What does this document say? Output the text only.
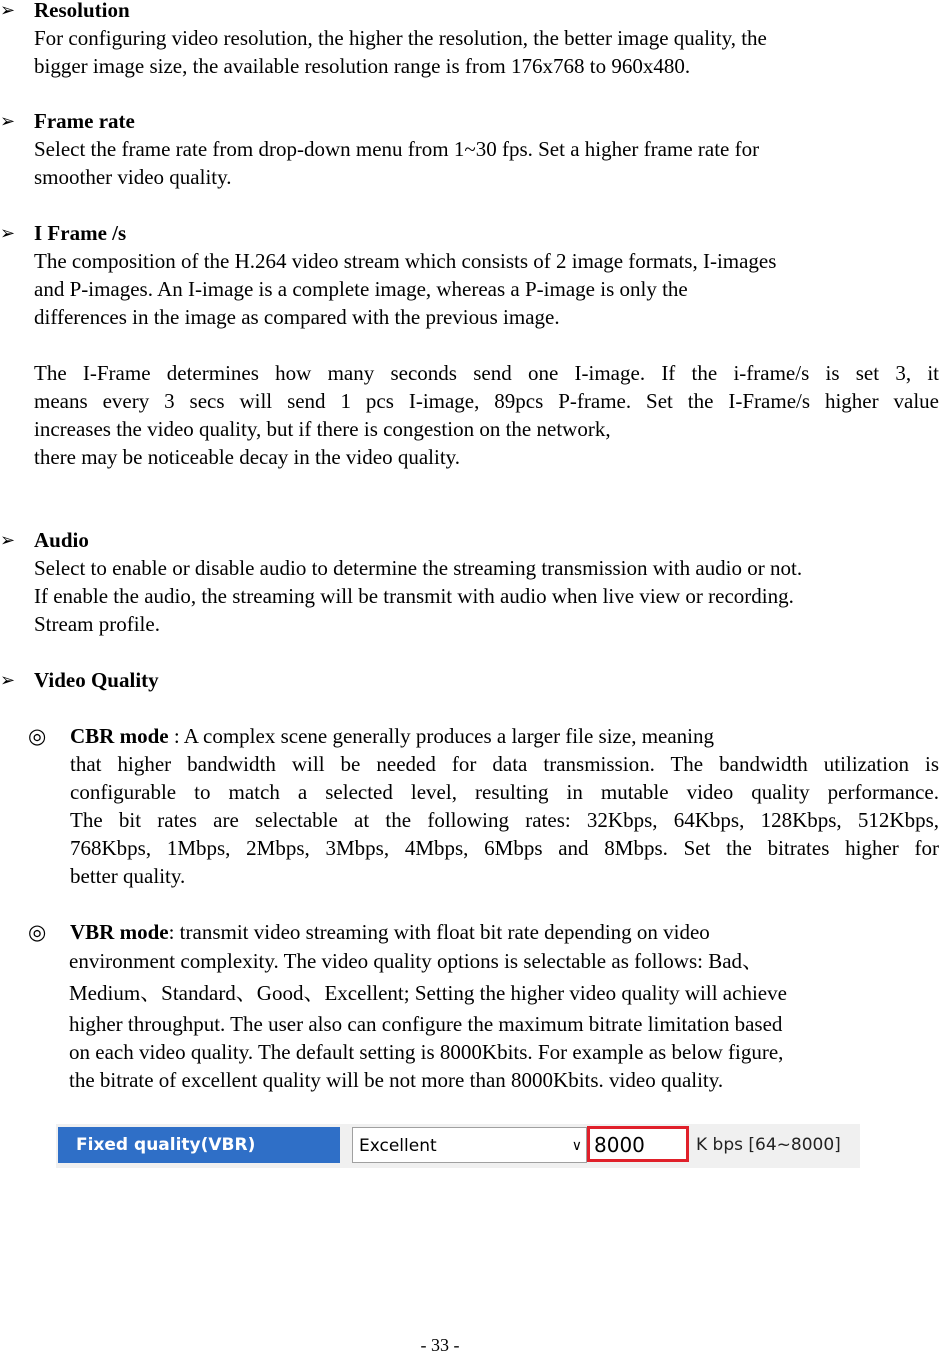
➢ Resolution
For configuring video resolution, the higher the resolution, the better image quality, the
bigger image size, the available resolution range is from 176x768 to 960x480.
➢ Frame rate
Select the frame rate from drop-down menu from 1~30 fps. Set a higher frame rate for
smoother video quality.
➢ I Frame /s
The composition of the H.264 video stream which consists of 2 image formats, I-images
and P-images. An I-image is a complete image, whereas a P-image is only the
differences in the image as compared with the previous image.
The I-Frame determines how many seconds send one I-image. If the i-frame/s is set 3, it
means every 3 secs will send 1 pcs I-image, 89pcs P-frame. Set the I-Frame/s higher value
increases the video quality, but if there is congestion on the network,
there may be noticeable decay in the video quality.
➢ Audio
Select to enable or disable audio to determine the streaming transmission with audio or not.
If enable the audio, the streaming will be transmit with audio when live view or recording.
Stream profile.
➢ Video Quality
◎ CBR mode : A complex scene generally produces a larger file size, meaning
that higher bandwidth will be needed for data transmission. The bandwidth utilization is
configurable to match a selected level, resulting in mutable video quality performance.
The bit rates are selectable at the following rates: 32Kbps, 64Kbps, 128Kbps, 512Kbps,
768Kbps, 1Mbps, 2Mbps, 3Mbps, 4Mbps, 6Mbps and 8Mbps. Set the bitrates higher for
better quality.
◎ VBR mode: transmit video streaming with float bit rate depending on video
environment complexity. The video quality options is selectable as follows: Bad、
Medium、Standard、Good、Excellent; Setting the higher video quality will achieve
higher throughput. The user also can configure the maximum bitrate limitation based
on each video quality. The default setting is 8000Kbits. For example as below figure,
the bitrate of excellent quality will be not more than 8000Kbits. video quality.
Fixed quality(VBR)	Excellent	∨ 8000	K bps [64~8000]
- 33 -
